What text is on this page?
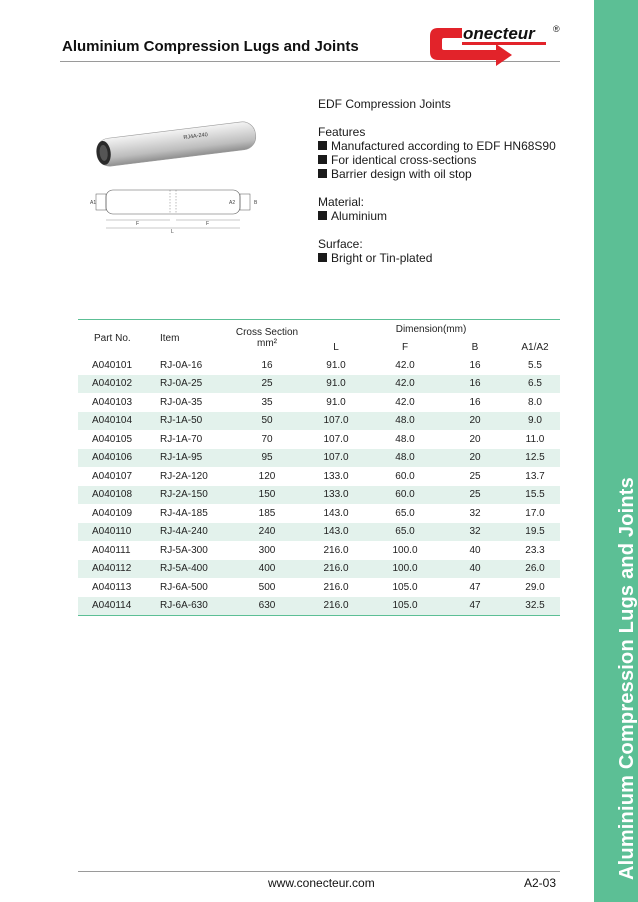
Aluminium Compression Lugs and Joints
onecteur ®
Aluminium Compression Lugs and Joints
RJ4A-240
A1	A2	B
F	F
L
EDF Compression Joints
Features
Manufactured according to EDF HN68S90
For identical cross-sections
Barrier design with oil stop
Material:
Aluminium
Surface:
Bright or Tin-plated
Part No.	Item	Cross Section	Dimension(mm)			
		mm²	L	F	B	A1/A2
A040101	RJ-0A-16	16	91.0	42.0	16	5.5
A040102	RJ-0A-25	25	91.0	42.0	16	6.5
A040103	RJ-0A-35	35	91.0	42.0	16	8.0
A040104	RJ-1A-50	50	107.0	48.0	20	9.0
A040105	RJ-1A-70	70	107.0	48.0	20	11.0
A040106	RJ-1A-95	95	107.0	48.0	20	12.5
A040107	RJ-2A-120	120	133.0	60.0	25	13.7
A040108	RJ-2A-150	150	133.0	60.0	25	15.5
A040109	RJ-4A-185	185	143.0	65.0	32	17.0
A040110	RJ-4A-240	240	143.0	65.0	32	19.5
A040111	RJ-5A-300	300	216.0	100.0	40	23.3
A040112	RJ-5A-400	400	216.0	100.0	40	26.0
A040113	RJ-6A-500	500	216.0	105.0	47	29.0
A040114	RJ-6A-630	630	216.0	105.0	47	32.5
www.conecteur.com	A2-03
